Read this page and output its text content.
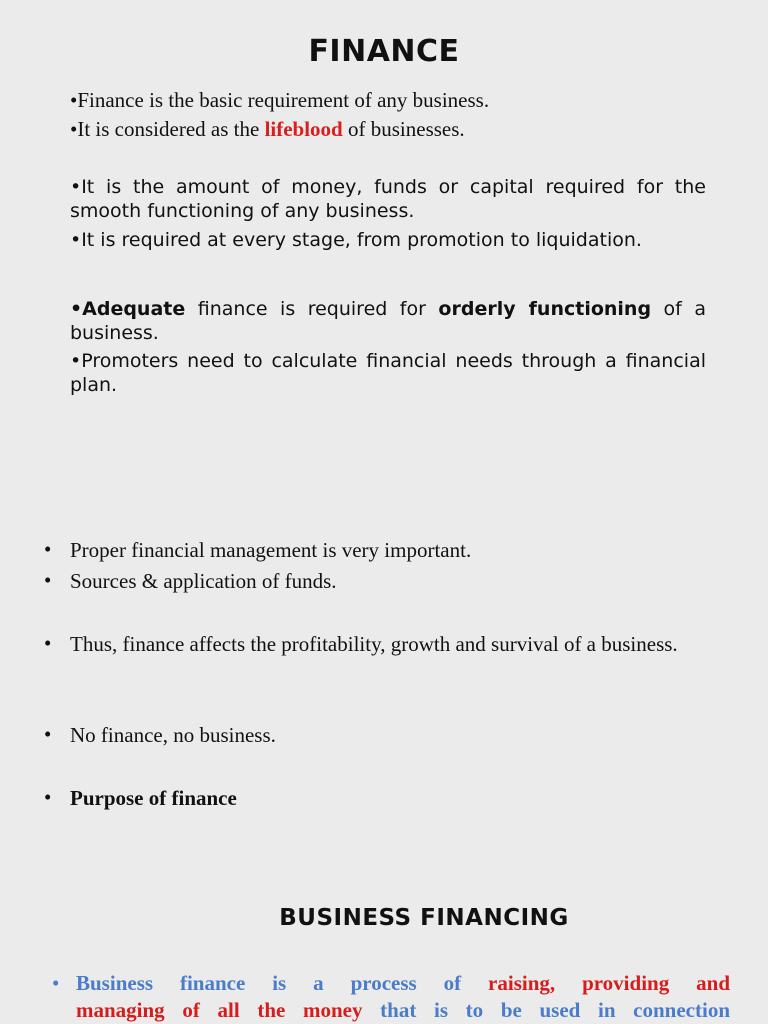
FINANCE
•Finance is the basic requirement of any business.
•It is considered as the lifeblood of businesses.
•It is the amount of money, funds or capital required for the smooth functioning of any business.
•It is required at every stage, from promotion to liquidation.
•Adequate finance is required for orderly functioning of a business.
•Promoters need to calculate financial needs through a financial plan.
• Proper financial management is very important.
• Sources & application of funds.
• Thus, finance affects the profitability, growth and survival of a business.
• No finance, no business.
• Purpose of finance
BUSINESS FINANCING
• Business finance is a process of raising, providing and
managing of all the money that is to be used in connection
